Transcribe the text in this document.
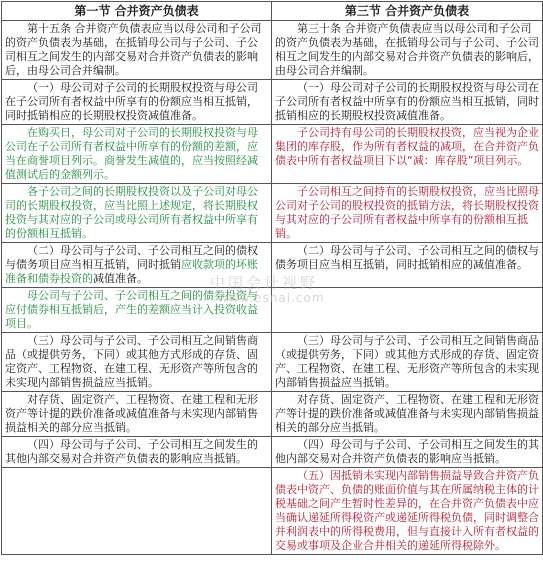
第一节 合并资产负债表	第三节 合并资产负债表

第十五条 合并资产负债表应当以母公司和子公司的资产负债表为基础，在抵销母公司与子公司、子公司相互之间发生的内部交易对合并资产负债表的影响后，由母公司合并编制。	第三十条 合并资产负债表应当以母公司和子公司的资产负债表为基础，在抵销母公司与子公司、子公司相互之间发生的内部交易对合并资产负债表的影响后，由母公司合并编制。

（一）母公司对子公司的长期股权投资与母公司在子公司所有者权益中所享有的份额应当相互抵销，同时抵销相应的长期股权投资减值准备。	（一）母公司对子公司的长期股权投资与母公司在子公司所有者权益中所享有的份额应当相互抵销，同时抵销相应的长期股权投资减值准备。

在购买日，母公司对子公司的长期股权投资与母公司在子公司所有者权益中所享有的份额的差额，应当在商誉项目列示。商誉发生减值的，应当按照经减值测试后的金额列示。	子公司持有母公司的长期股权投资，应当视为企业集团的库存股，作为所有者权益的减项，在合并资产负债表中所有者权益项目下以“减：库存股”项目列示。

各子公司之间的长期股权投资以及子公司对母公司的长期股权投资，应当比照上述规定，将长期股权投资与其对应的子公司或母公司所有者权益中所享有的份额相互抵销。	子公司相互之间持有的长期股权投资，应当比照母公司对子公司的股权投资的抵销方法，将长期股权投资与其对应的子公司所有者权益中所享有的份额相互抵销。

（二）母公司与子公司、子公司相互之间的债权与债务项目应当相互抵销，同时抵销应收款项的坏账准备和债券投资的减值准备。	（二）母公司与子公司、子公司相互之间的债权与债务项目应当相互抵销，同时抵销相应的减值准备。

母公司与子公司、子公司相互之间的债券投资与应付债券相互抵销后，产生的差额应当计入投资收益项目。	

（三）母公司与子公司、子公司相互之间销售商品（或提供劳务，下同）或其他方式形成的存货、固定资产、工程物资、在建工程、无形资产等所包含的未实现内部销售损益应当抵销。	（三）母公司与子公司、子公司相互之间销售商品（或提供劳务，下同）或其他方式形成的存货、固定资产、工程物资、在建工程、无形资产等所包含的未实现内部销售损益应当抵销。

对存货、固定资产、工程物资、在建工程和无形资产等计提的跌价准备或减值准备与未实现内部销售损益相关的部分应当抵销。	对存货、固定资产、工程物资、在建工程和无形资产等计提的跌价准备或减值准备与未实现内部销售损益相关的部分应当抵销。

（四）母公司与子公司、子公司相互之间发生的其他内部交易对合并资产负债表的影响应当抵销。	（四）母公司与子公司、子公司相互之间发生的其他内部交易对合并资产负债表的影响应当抵销。

	（五）因抵销未实现内部销售损益导致合并资产负债表中资产、负债的账面价值与其在所属纳税主体的计税基础之间产生暂时性差异的，在合并资产负债表中应当确认递延所得税资产或递延所得税负债，同时调整合并利润表中的所得税费用，但与直接计入所有者权益的交易或事项及企业合并相关的递延所得税除外。
中国会计视野
www.esnai.com
